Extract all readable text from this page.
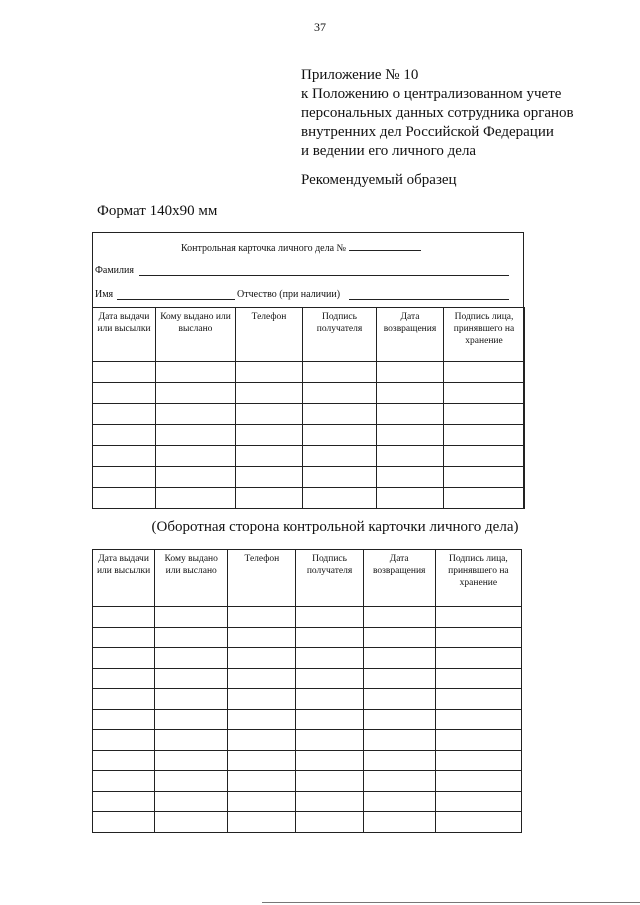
37
Приложение № 10
к Положению о централизованном учете
персональных данных сотрудника органов
внутренних дел Российской Федерации
и ведении его личного дела
Рекомендуемый образец
Формат 140x90 мм
Контрольная карточка личного дела №
Фамилия
Имя	Отчество (при наличии)
Дата выдачи или высылки	Кому выдано или выслано	Телефон	Подпись получателя	Дата возвращения	Подпись лица, принявшего на хранение

(Оборотная сторона контрольной карточки личного дела)
Дата выдачи или высылки	Кому выдано или выслано	Телефон	Подпись получателя	Дата возвращения	Подпись лица, принявшего на хранение
